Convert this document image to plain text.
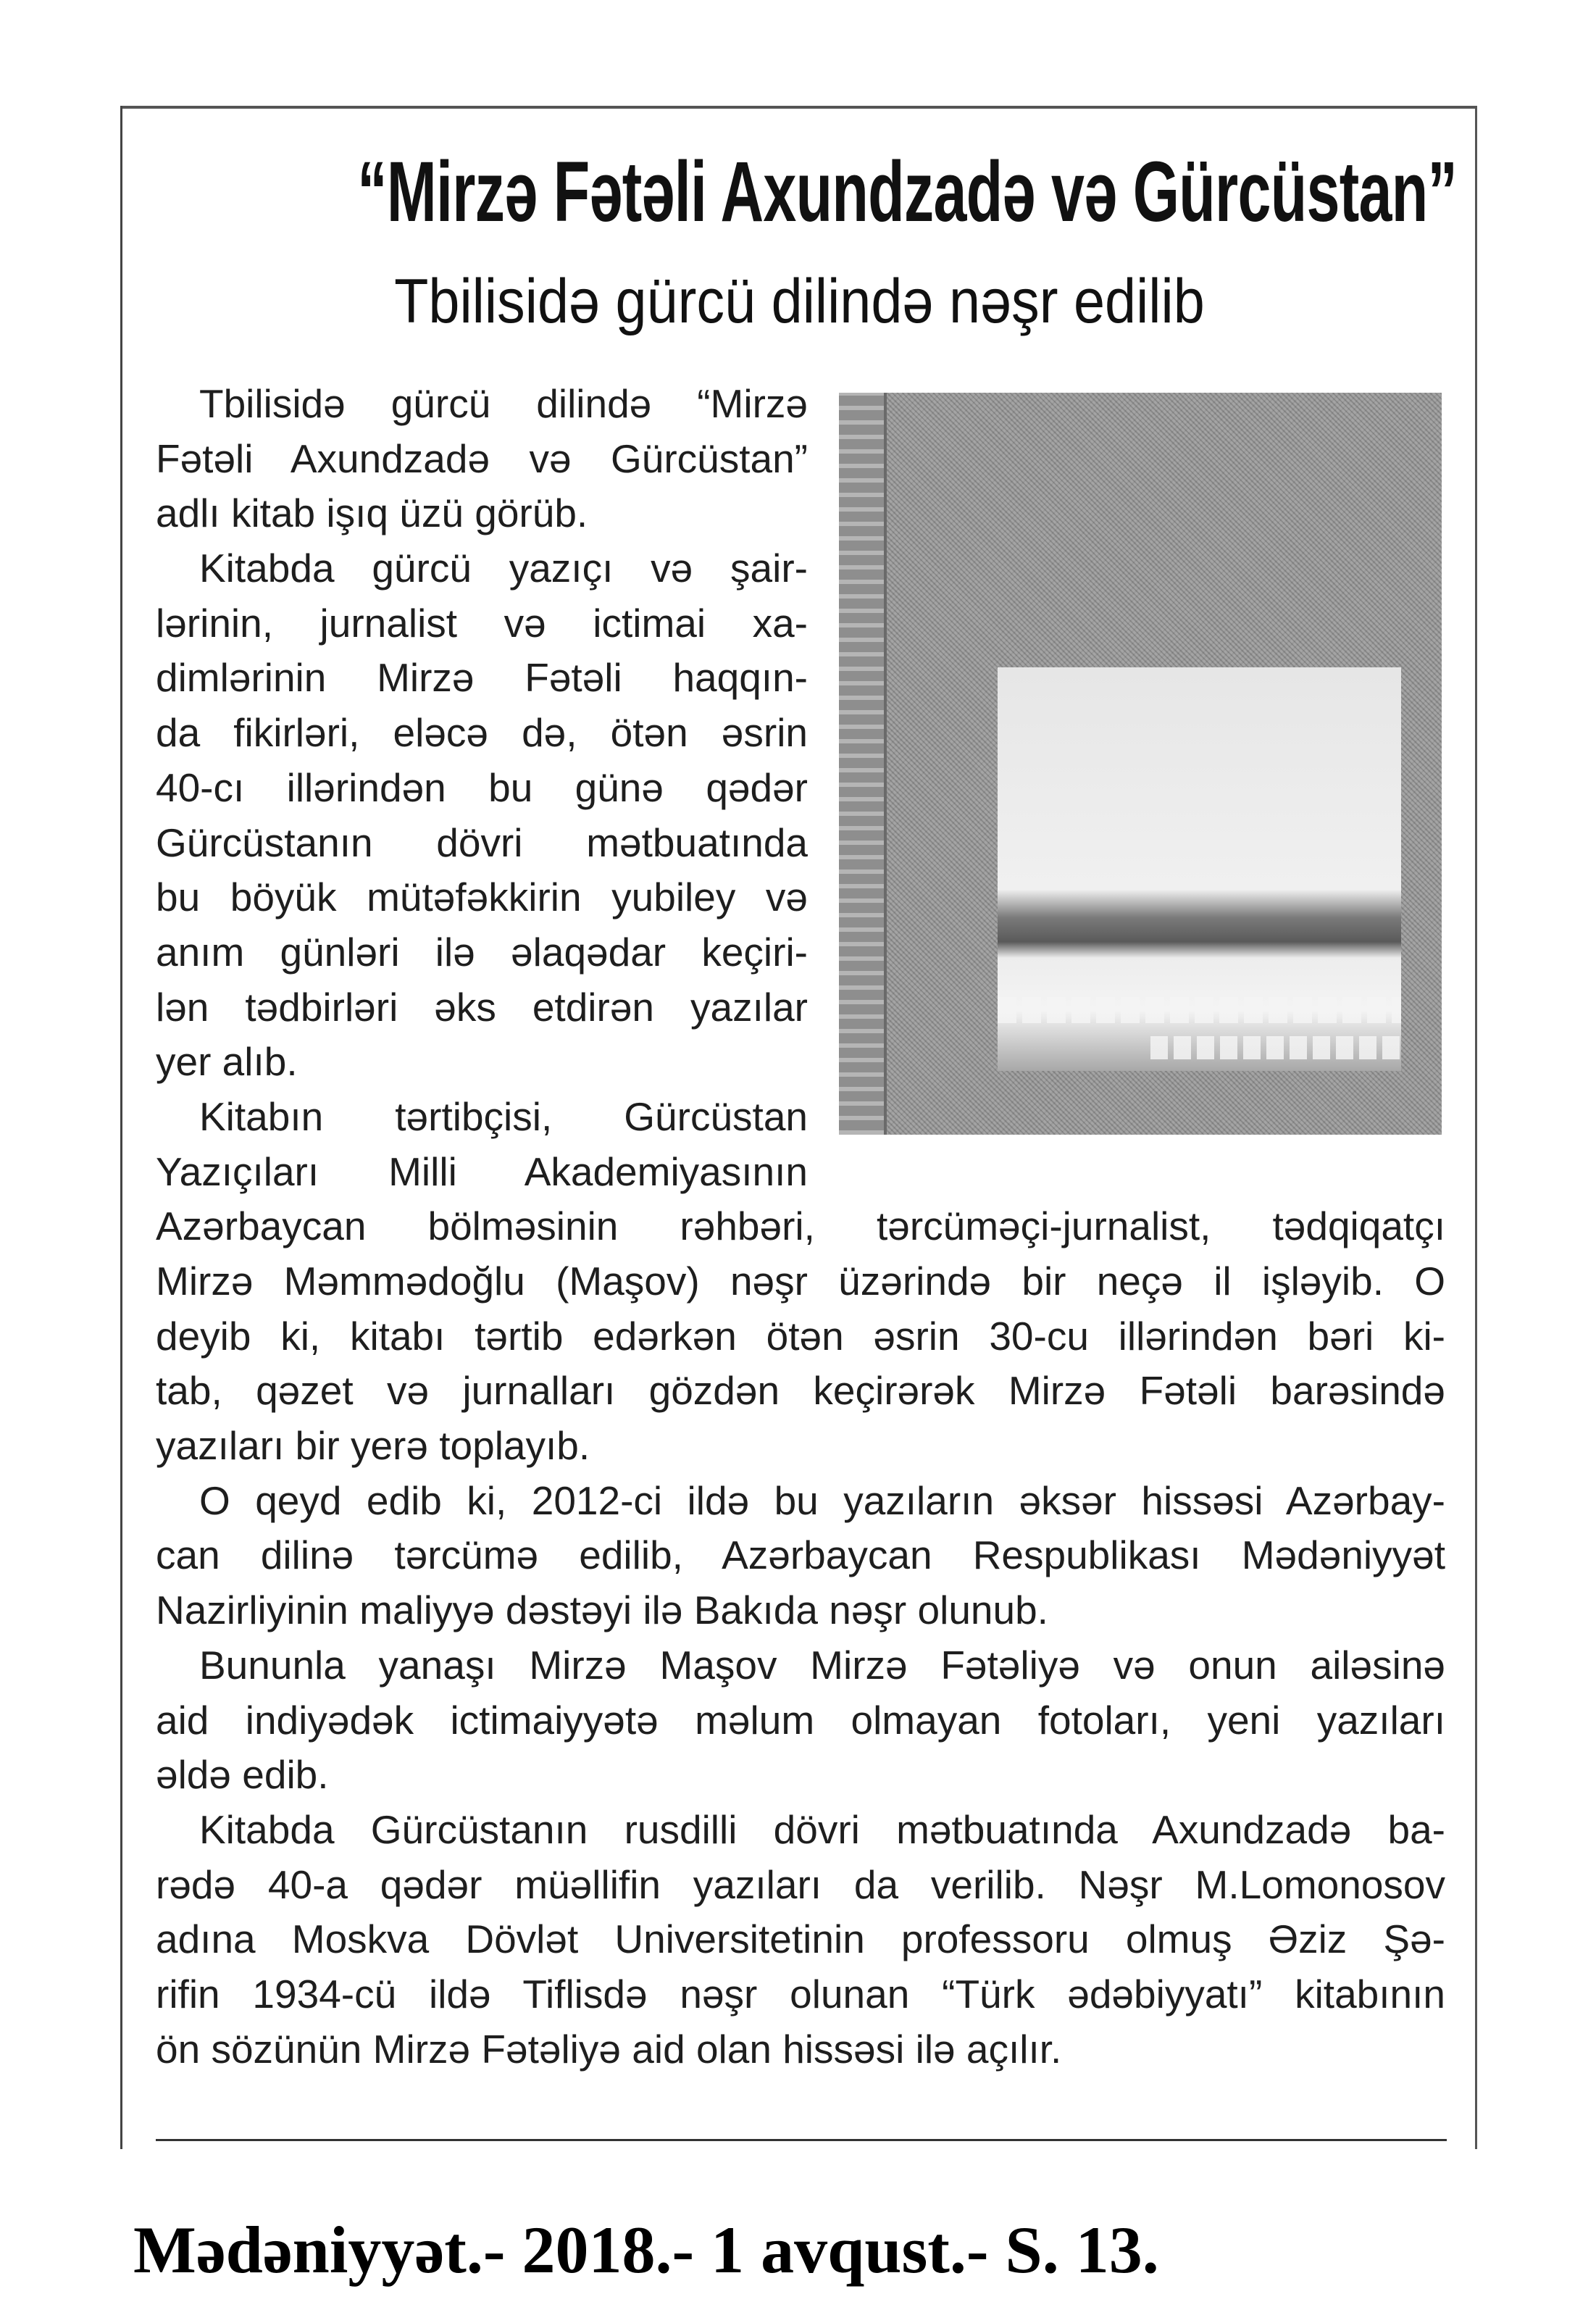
“Mirzə Fətəli Axundzadə və Gürcüstan”
Tbilisidə gürcü dilində nəşr edilib
Tbilisidə gürcü dilində “Mirzə
Fətəli Axundzadə və Gürcüstan”
adlı kitab işıq üzü görüb.
Kitabda gürcü yazıçı və şair-
lərinin, jurnalist və ictimai xa-
dimlərinin Mirzə Fətəli haqqın-
da fikirləri, eləcə də, ötən əsrin
40-cı illərindən bu günə qədər
Gürcüstanın dövri mətbuatında
bu böyük mütəfəkkirin yubiley və
anım günləri ilə əlaqədar keçiri-
lən tədbirləri əks etdirən yazılar
yer alıb.
Kitabın tərtibçisi, Gürcüstan
Yazıçıları Milli Akademiyasının
Azərbaycan bölməsinin rəhbəri, tərcüməçi-jurnalist, tədqiqatçı
Mirzə Məmmədoğlu (Maşov) nəşr üzərində bir neçə il işləyib. O
deyib ki, kitabı tərtib edərkən ötən əsrin 30-cu illərindən bəri ki-
tab, qəzet və jurnalları gözdən keçirərək Mirzə Fətəli barəsində
yazıları bir yerə toplayıb.
O qeyd edib ki, 2012-ci ildə bu yazıların əksər hissəsi Azərbay-
can dilinə tərcümə edilib, Azərbaycan Respublikası Mədəniyyət
Nazirliyinin maliyyə dəstəyi ilə Bakıda nəşr olunub.
Bununla yanaşı Mirzə Maşov Mirzə Fətəliyə və onun ailəsinə
aid indiyədək ictimaiyyətə məlum olmayan fotoları, yeni yazıları
əldə edib.
Kitabda Gürcüstanın rusdilli dövri mətbuatında Axundzadə ba-
rədə 40-a qədər müəllifin yazıları da verilib. Nəşr M.Lomonosov
adına Moskva Dövlət Universitetinin professoru olmuş Əziz Şə-
rifin 1934-cü ildə Tiflisdə nəşr olunan “Türk ədəbiyyatı” kitabının
ön sözünün Mirzə Fətəliyə aid olan hissəsi ilə açılır.
Mədəniyyət.- 2018.- 1 avqust.- S. 13.
